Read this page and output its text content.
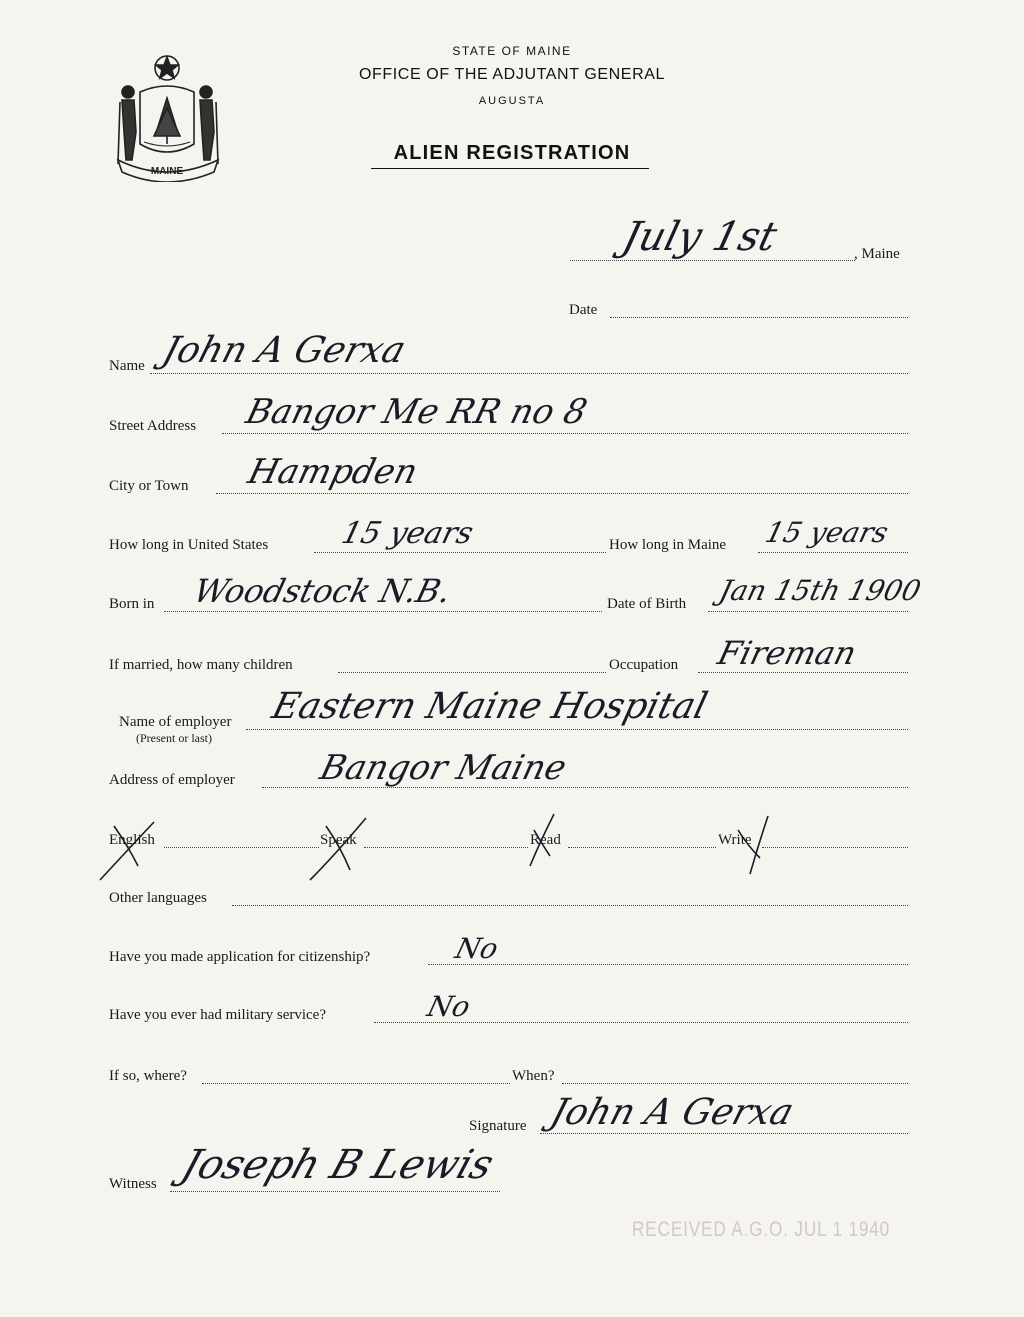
MAINE
STATE OF MAINE
OFFICE OF THE ADJUTANT GENERAL
AUGUSTA
ALIEN REGISTRATION
July 1st	, Maine
Date
Name John A Gerxa
Street Address Bangor Me RR no 8
City or Town Hampden
How long in United States 15 years	How long in Maine 15 years
Born in Woodstock N.B.	Date of Birth Jan 15th 1900
If married, how many children	Occupation Fireman
Name of employer
(Present or last)
Eastern Maine Hospital
Address of employer Bangor Maine
English	Speak	Read	Write
Other languages
Have you made application for citizenship?	No
Have you ever had military service?	No
If so, where?	When?
Signature John A Gerxa
Witness Joseph B Lewis
RECEIVED A.G.O. JUL 1 1940
